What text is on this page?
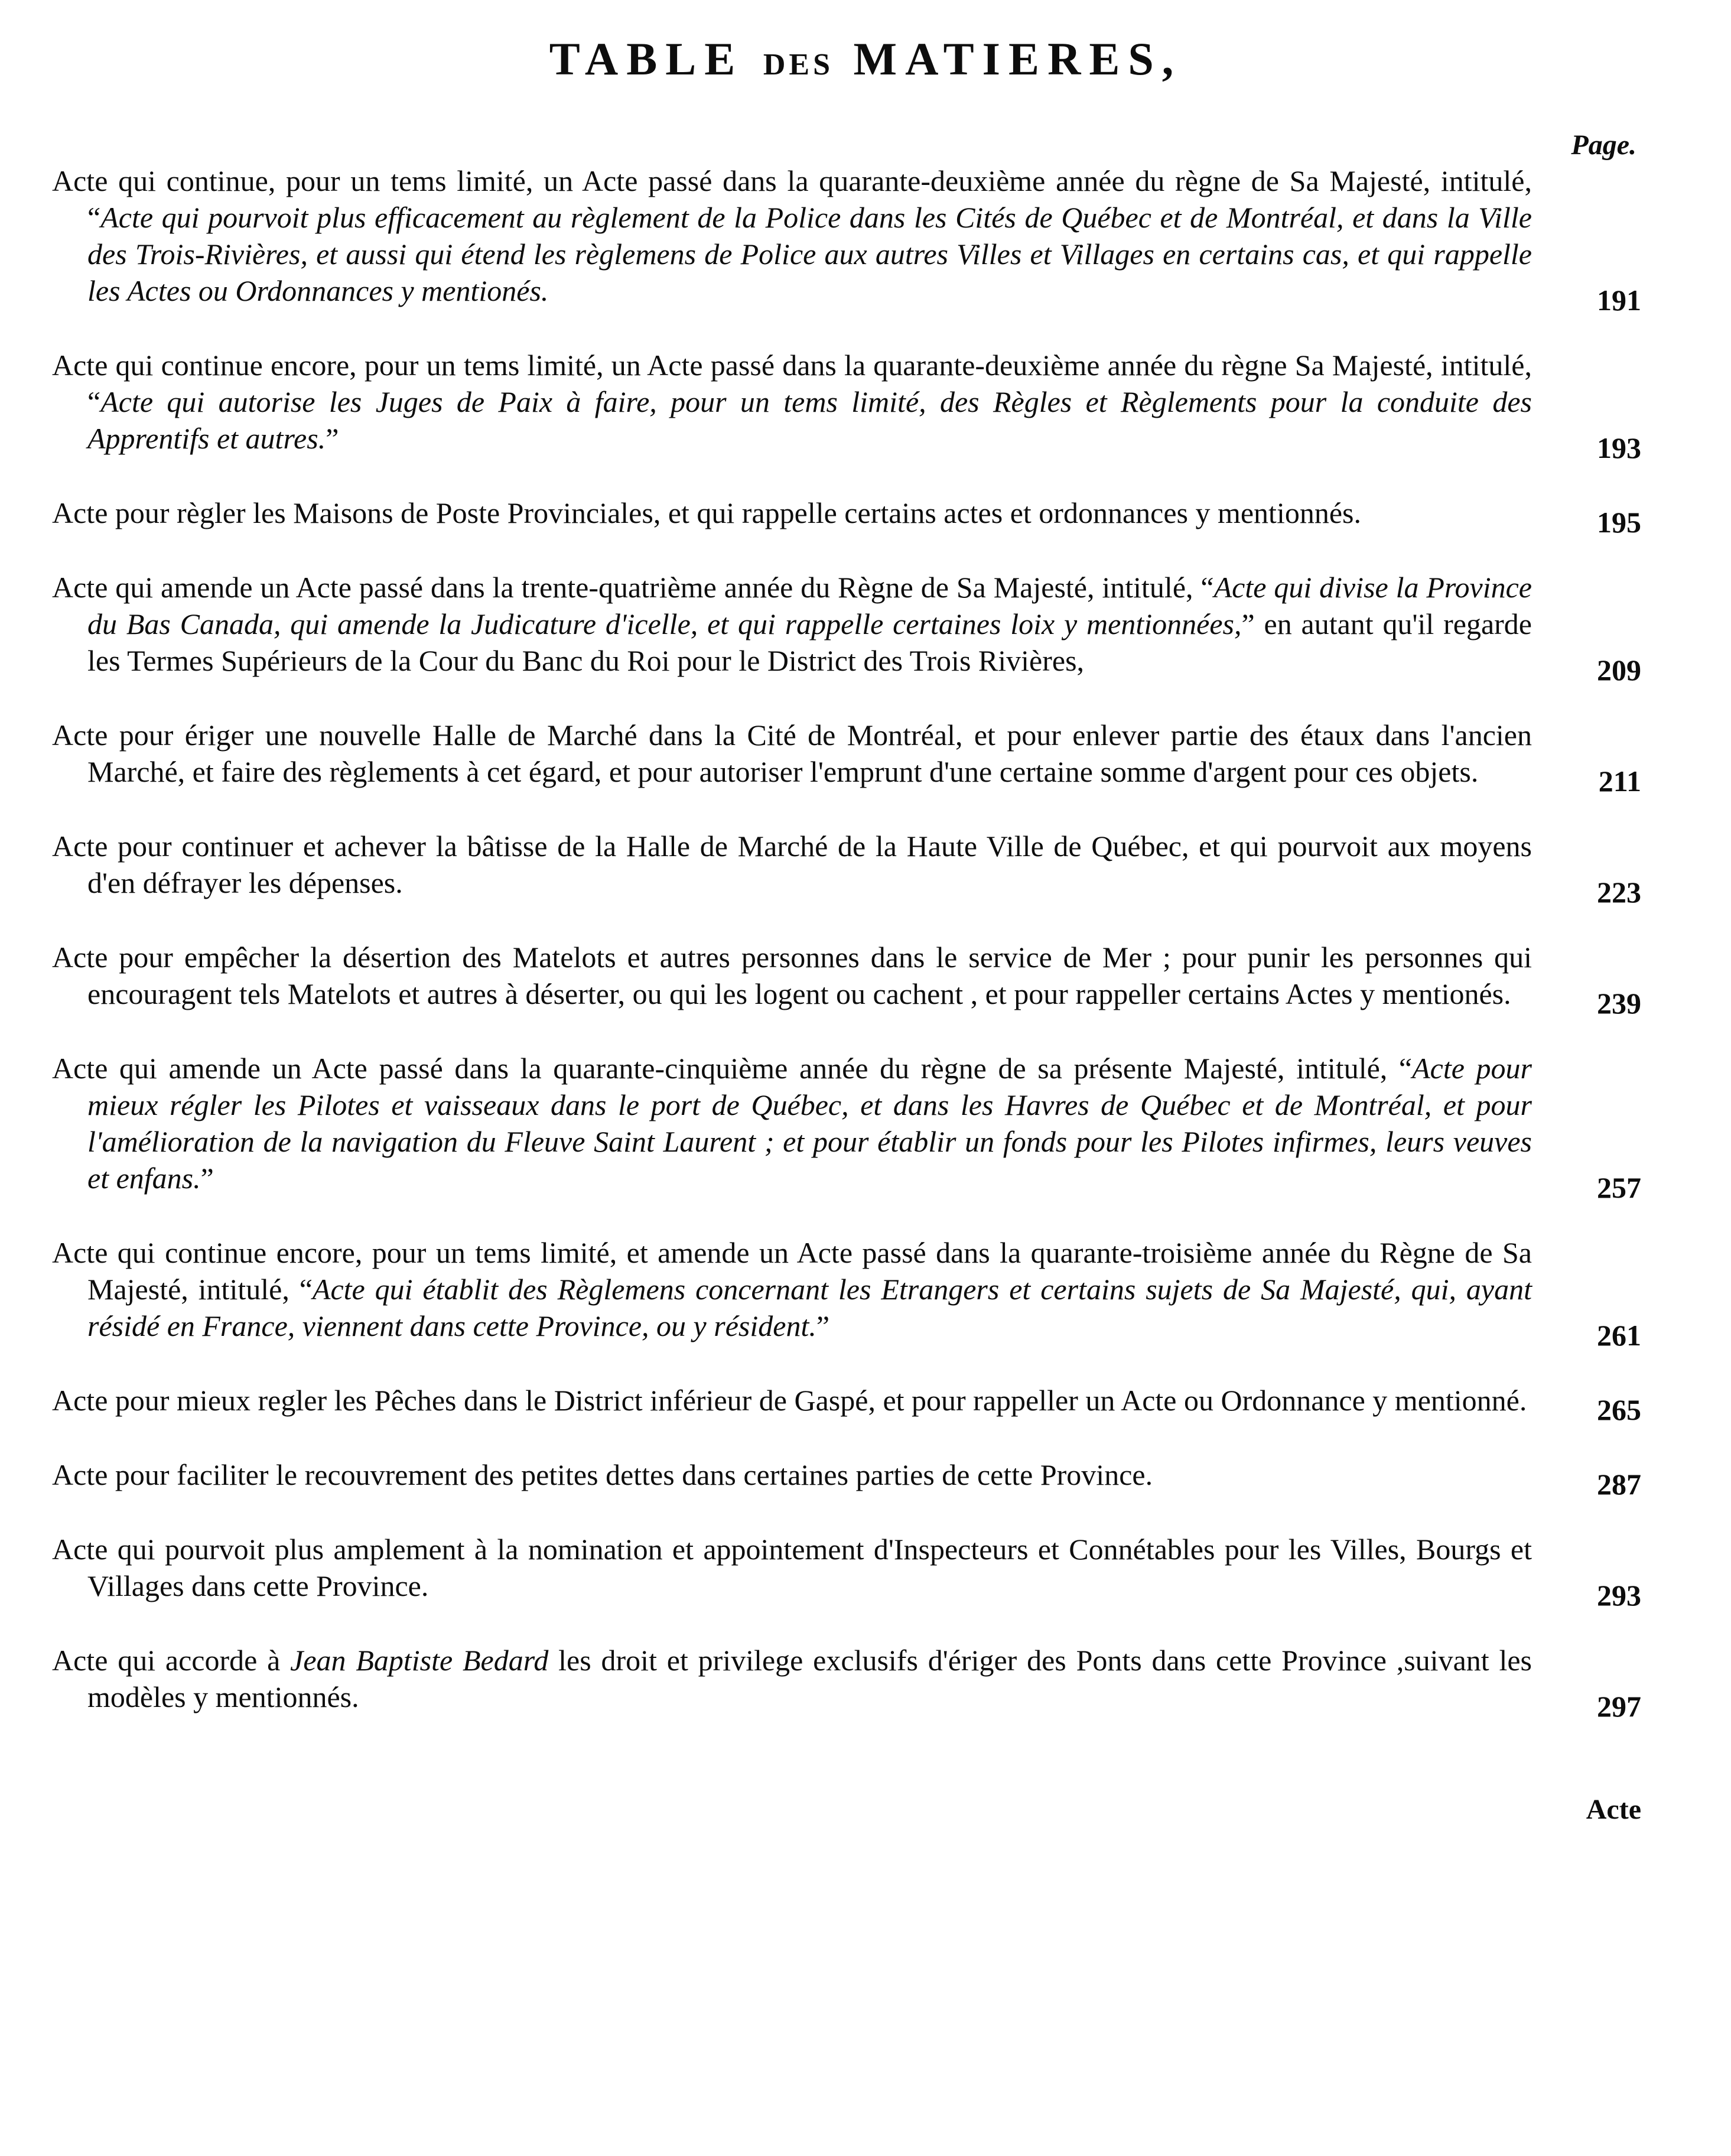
TABLE DES MATIERES,
Page.
Acte qui continue, pour un tems limité, un Acte passé dans la quarante-deuxième année du règne de Sa Majesté, intitulé, “Acte qui pourvoit plus efficacement au règlement de la Police dans les Cités de Québec et de Montréal, et dans la Ville des Trois-Rivières, et aussi qui étend les règlemens de Police aux autres Villes et Villages en certains cas, et qui rappelle les Actes ou Ordonnances y mentionés.	191
Acte qui continue encore, pour un tems limité, un Acte passé dans la quarante-deuxième année du règne Sa Majesté, intitulé, “Acte qui autorise les Juges de Paix à faire, pour un tems limité, des Règles et Règlements pour la conduite des Apprentifs et autres.”	193
Acte pour règler les Maisons de Poste Provinciales, et qui rappelle certains actes et ordonnances y mentionnés.	195
Acte qui amende un Acte passé dans la trente-quatrième année du Règne de Sa Majesté, intitulé, “Acte qui divise la Province du Bas Canada, qui amende la Judicature d'icelle, et qui rappelle certaines loix y mentionnées,” en autant qu'il regarde les Termes Supérieurs de la Cour du Banc du Roi pour le District des Trois Rivières,	209
Acte pour ériger une nouvelle Halle de Marché dans la Cité de Montréal, et pour enlever partie des étaux dans l'ancien Marché, et faire des règlements à cet égard, et pour autoriser l'emprunt d'une certaine somme d'argent pour ces objets.	211
Acte pour continuer et achever la bâtisse de la Halle de Marché de la Haute Ville de Québec, et qui pourvoit aux moyens d'en défrayer les dépenses.	223
Acte pour empêcher la désertion des Matelots et autres personnes dans le service de Mer ; pour punir les personnes qui encouragent tels Matelots et autres à déserter, ou qui les logent ou cachent , et pour rappeller certains Actes y mentionés.	239
Acte qui amende un Acte passé dans la quarante-cinquième année du règne de sa présente Majesté, intitulé, “Acte pour mieux régler les Pilotes et vaisseaux dans le port de Québec, et dans les Havres de Québec et de Montréal, et pour l'amélioration de la navigation du Fleuve Saint Laurent ; et pour établir un fonds pour les Pilotes infirmes, leurs veuves et enfans.”	257
Acte qui continue encore, pour un tems limité, et amende un Acte passé dans la quarante-troisième année du Règne de Sa Majesté, intitulé, “Acte qui établit des Règlemens concernant les Etrangers et certains sujets de Sa Majesté, qui, ayant résidé en France, viennent dans cette Province, ou y résident.”	261
Acte pour mieux regler les Pêches dans le District inférieur de Gaspé, et pour rappeller un Acte ou Ordonnance y mentionné. 265
Acte pour faciliter le recouvrement des petites dettes dans certaines parties de cette Province.	287
Acte qui pourvoit plus amplement à la nomination et appointement d'Inspecteurs et Connétables pour les Villes, Bourgs et Villages dans cette Province.	293
Acte qui accorde à Jean Baptiste Bedard les droit et privilege exclusifs d'ériger des Ponts dans cette Province ,suivant les modèles y mentionnés.	297
Acte
